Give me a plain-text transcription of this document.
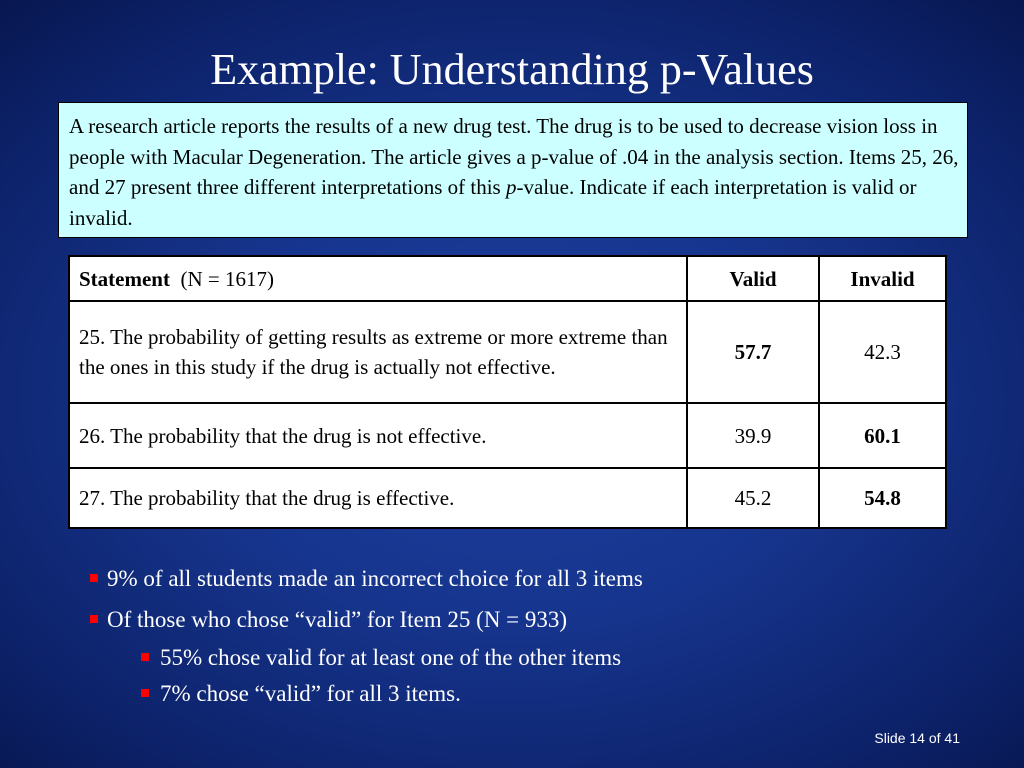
Example: Understanding p-Values

A research article reports the results of a new drug test. The drug is to be used to decrease vision loss in people with Macular Degeneration. The article gives a p-value of .04 in the analysis section. Items 25, 26, and 27 present three different interpretations of this p-value. Indicate if each interpretation is valid or invalid.

Statement (N = 1617)	Valid	Invalid
25. The probability of getting results as extreme or more extreme than the ones in this study if the drug is actually not effective.	57.7	42.3
26. The probability that the drug is not effective.	39.9	60.1
27. The probability that the drug is effective.	45.2	54.8
9% of all students made an incorrect choice for all 3 items
Of those who chose “valid” for Item 25 (N = 933)
55% chose valid for at least one of the other items
7% chose “valid” for all 3 items.
Slide 14 of 41
